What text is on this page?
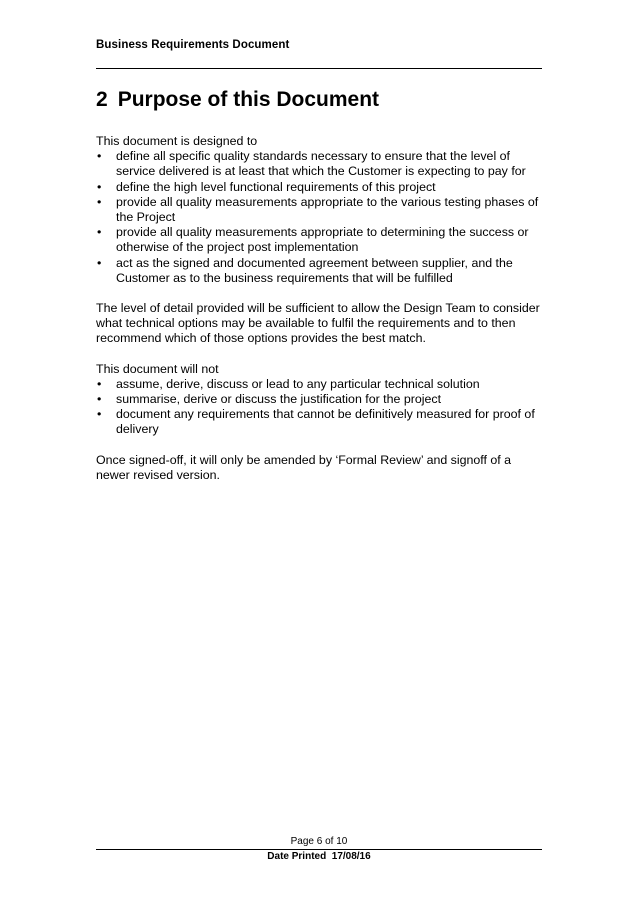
Business Requirements Document
2 Purpose of this Document

This document is designed to

• define all specific quality standards necessary to ensure that the level of service delivered is at least that which the Customer is expecting to pay for
• define the high level functional requirements of this project
• provide all quality measurements appropriate to the various testing phases of the Project
• provide all quality measurements appropriate to determining the success or otherwise of the project post implementation
• act as the signed and documented agreement between supplier, and the Customer as to the business requirements that will be fulfilled

The level of detail provided will be sufficient to allow the Design Team to consider what technical options may be available to fulfil the requirements and to then recommend which of those options provides the best match.

This document will not

• assume, derive, discuss or lead to any particular technical solution
• summarise, derive or discuss the justification for the project
• document any requirements that cannot be definitively measured for proof of delivery

Once signed-off, it will only be amended by ‘Formal Review’ and signoff of a newer revised version.

Page 6 of 10
Date Printed  17/08/16
